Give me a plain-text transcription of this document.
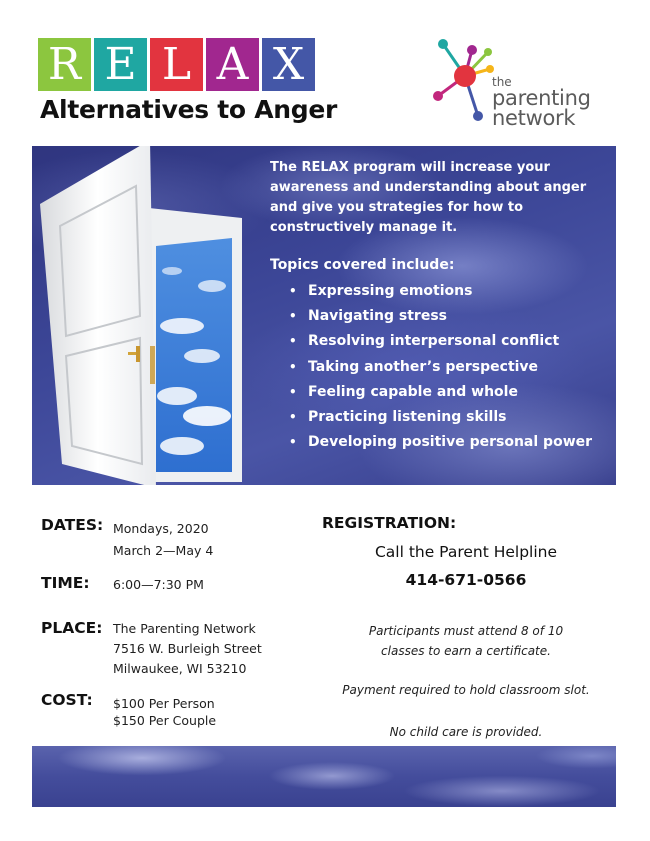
R E L A X
Alternatives to Anger
the
parenting
network

The RELAX program will increase your awareness and understanding about anger and give you strategies for how to constructively manage it.

Topics covered include:

• Expressing emotions
• Navigating stress
• Resolving interpersonal conflict
• Taking another’s perspective
• Feeling capable and whole
• Practicing listening skills
• Developing positive personal power
DATES: Mondays, 2020
March 2—May 4
TIME: 6:00—7:30 PM
PLACE: The Parenting Network
7516 W. Burleigh Street
Milwaukee, WI 53210
COST: $100 Per Person
$150 Per Couple
REGISTRATION:
Call the Parent Helpline
414-671-0566
Participants must attend 8 of 10
classes to earn a certificate.
Payment required to hold classroom slot.
No child care is provided.
